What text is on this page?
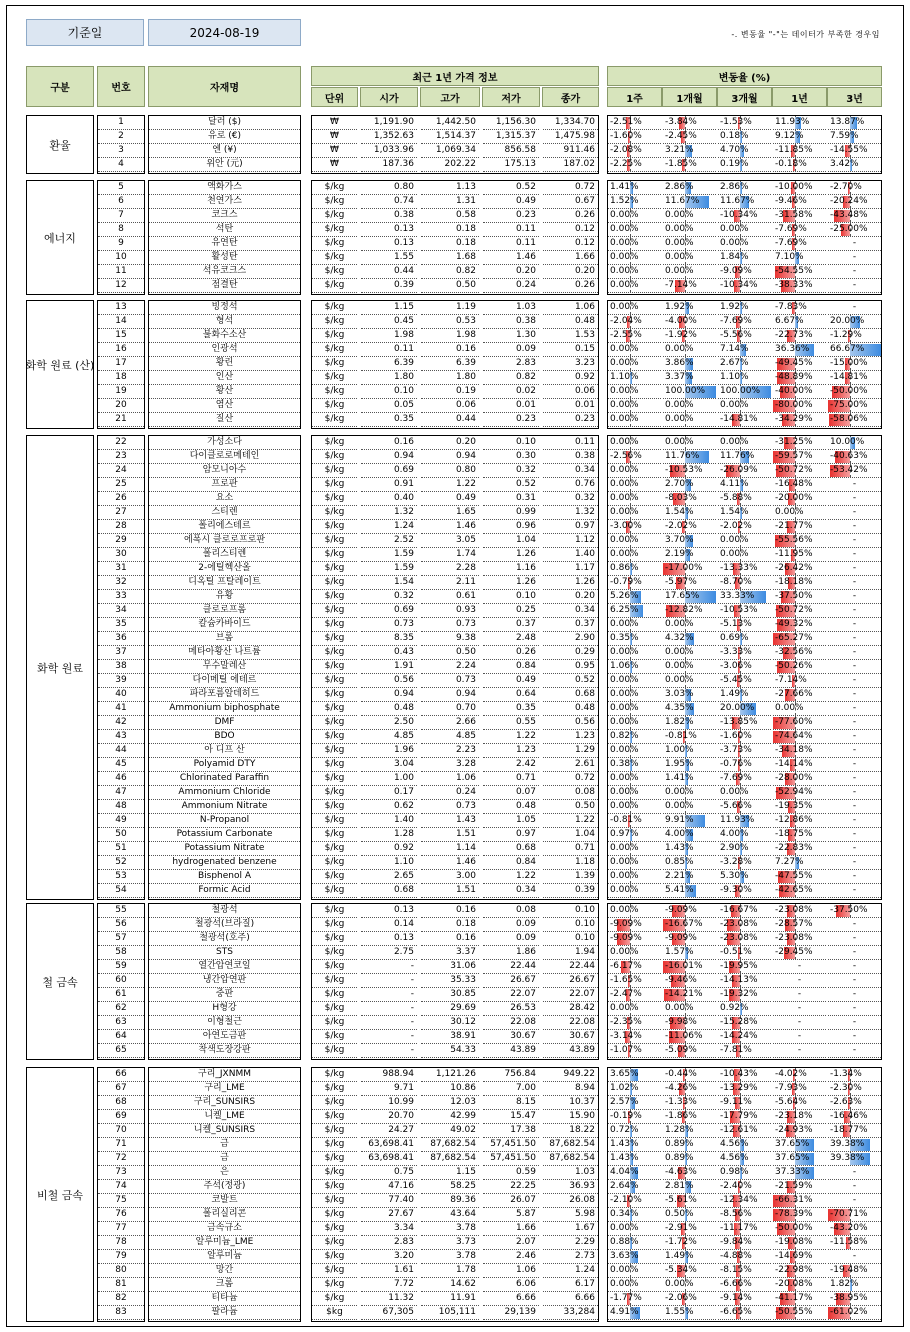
기준일	2024-08-19	-. 변동율 "-"는 데이터가 부족한 경우임
구분	번호	자재명
최근 1년 가격 정보
단위	시가	고가	저가	종가
변동율 (%)
1주	1개월	3개월	1년	3년
환율
1	달러 ($)	₩	1,191.90	1,442.50	1,156.30	1,334.70	-2.51%	-3.84%	-1.53%	11.93%	13.87%
2	유로 (€)	₩	1,352.63	1,514.37	1,315.37	1,475.98	-1.60%	-2.45%	0.18%	9.12%	7.59%
3	엔 (¥)	₩	1,033.96	1,069.34	856.58	911.46	-2.08%	3.21%	4.70%	-11.85%	-14.55%
4	위안 (元)	₩	187.36	202.22	175.13	187.02	-2.25%	-1.85%	0.19%	-0.18%	3.42%
에너지
5	액화가스	$/kg	0.80	1.13	0.52	0.72	1.41%	2.86%	2.86%	-10.00%	-2.70%
6	천연가스	$/kg	0.74	1.31	0.49	0.67	1.52%	11.67%	11.67%	-9.46%	-20.24%
7	코크스	$/kg	0.38	0.58	0.23	0.26	0.00%	0.00%	-10.34%	-31.58%	-43.48%
8	석탄	$/kg	0.13	0.18	0.11	0.12	0.00%	0.00%	0.00%	-7.69%	-25.00%
9	유연탄	$/kg	0.13	0.18	0.11	0.12	0.00%	0.00%	0.00%	-7.69%	-
10	활성탄	$/kg	1.55	1.68	1.46	1.66	0.00%	0.00%	1.84%	7.10%	-
11	석유코크스	$/kg	0.44	0.82	0.20	0.20	0.00%	0.00%	-9.09%	-54.55%	-
12	점결탄	$/kg	0.39	0.50	0.24	0.26	0.00%	-7.14%	-10.34%	-38.33%	-
화학 원료 (산)
13	빙정석	$/kg	1.15	1.19	1.03	1.06	0.00%	1.92%	1.92%	-7.83%	-
14	형석	$/kg	0.45	0.53	0.38	0.48	-2.04%	-4.00%	-7.69%	6.67%	20.00%
15	불화수소산	$/kg	1.98	1.98	1.30	1.53	-2.55%	-1.92%	-5.56%	-22.73%	-1.29%
16	인광석	$/kg	0.11	0.16	0.09	0.15	0.00%	0.00%	7.14%	36.36%	66.67%
17	황린	$/kg	6.39	6.39	2.83	3.23	0.00%	3.86%	2.67%	-49.45%	-15.00%
18	인산	$/kg	1.80	1.80	0.82	0.92	1.10%	3.37%	1.10%	-48.89%	-14.81%
19	황산	$/kg	0.10	0.19	0.02	0.06	0.00%	100.00%	100.00%	-40.00%	-50.00%
20	염산	$/kg	0.05	0.06	0.01	0.01	0.00%	0.00%	0.00%	-80.00%	-75.00%
21	질산	$/kg	0.35	0.44	0.23	0.23	0.00%	0.00%	-14.81%	-34.29%	-58.06%
화학 원료
22	가성소다	$/kg	0.16	0.20	0.10	0.11	0.00%	0.00%	0.00%	-31.25%	10.00%
23	다이클로로메테인	$/kg	0.94	0.94	0.30	0.38	-2.56%	11.76%	11.76%	-59.57%	-40.63%
24	암모니아수	$/kg	0.69	0.80	0.32	0.34	0.00%	-10.53%	-26.09%	-50.72%	-53.42%
25	프로판	$/kg	0.91	1.22	0.52	0.76	0.00%	2.70%	4.11%	-16.48%	-
26	요소	$/kg	0.40	0.49	0.31	0.32	0.00%	-8.03%	-5.88%	-20.00%	-
27	스티렌	$/kg	1.32	1.65	0.99	1.32	0.00%	1.54%	1.54%	0.00%	-
28	폴리에스테르	$/kg	1.24	1.46	0.96	0.97	-3.00%	-2.02%	-2.02%	-21.77%	-
29	에폭시 클로로프로판	$/kg	2.52	3.05	1.04	1.12	0.00%	3.70%	0.00%	-55.56%	-
30	폴리스티렌	$/kg	1.59	1.74	1.26	1.40	0.00%	2.19%	0.00%	-11.95%	-
31	2-에틸헥산올	$/kg	1.59	2.28	1.16	1.17	0.86%	-17.00%	-13.33%	-26.42%	-
32	디옥틸 프탈레이트	$/kg	1.54	2.11	1.26	1.26	-0.79%	-5.97%	-8.70%	-18.18%	-
33	유황	$/kg	0.32	0.61	0.10	0.20	5.26%	17.65%	33.33%	-37.50%	-
34	클로로프롬	$/kg	0.69	0.93	0.25	0.34	6.25%	-12.82%	-10.53%	-50.72%	-
35	칼슘카바이드	$/kg	0.73	0.73	0.37	0.37	0.00%	0.00%	-5.13%	-49.32%	-
36	브롬	$/kg	8.35	9.38	2.48	2.90	0.35%	4.32%	0.69%	-65.27%	-
37	메타아황산 나트륨	$/kg	0.43	0.50	0.26	0.29	0.00%	0.00%	-3.33%	-32.56%	-
38	무수말레산	$/kg	1.91	2.24	0.84	0.95	1.06%	0.00%	-3.06%	-50.26%	-
39	다이메틸 에테르	$/kg	0.56	0.73	0.49	0.52	0.00%	0.00%	-5.45%	-7.14%	-
40	파라포름알데히드	$/kg	0.94	0.94	0.64	0.68	0.00%	3.03%	1.49%	-27.66%	-
41	Ammonium biphosphate	$/kg	0.48	0.70	0.35	0.48	0.00%	4.35%	20.00%	0.00%	-
42	DMF	$/kg	2.50	2.66	0.55	0.56	0.00%	1.82%	-13.85%	-77.60%	-
43	BDO	$/kg	4.85	4.85	1.22	1.23	0.82%	-0.81%	-1.60%	-74.64%	-
44	아 디프 산	$/kg	1.96	2.23	1.23	1.29	0.00%	1.00%	-3.73%	-34.18%	-
45	Polyamid DTY	$/kg	3.04	3.28	2.42	2.61	0.38%	1.95%	-0.76%	-14.14%	-
46	Chlorinated Paraffin	$/kg	1.00	1.06	0.71	0.72	0.00%	1.41%	-7.69%	-28.00%	-
47	Ammonium Chloride	$/kg	0.17	0.24	0.07	0.08	0.00%	0.00%	0.00%	-52.94%	-
48	Ammonium Nitrate	$/kg	0.62	0.73	0.48	0.50	0.00%	0.00%	-5.66%	-19.35%	-
49	N-Propanol	$/kg	1.40	1.43	1.05	1.22	-0.81%	9.91%	11.93%	-12.86%	-
50	Potassium Carbonate	$/kg	1.28	1.51	0.97	1.04	0.97%	4.00%	4.00%	-18.75%	-
51	Potassium Nitrate	$/kg	0.92	1.14	0.68	0.71	0.00%	1.43%	2.90%	-22.83%	-
52	hydrogenated benzene	$/kg	1.10	1.46	0.84	1.18	0.00%	0.85%	-3.28%	7.27%	-
53	Bisphenol A	$/kg	2.65	3.00	1.22	1.39	0.00%	2.21%	5.30%	-47.55%	-
54	Formic Acid	$/kg	0.68	1.51	0.34	0.39	0.00%	5.41%	-9.30%	-42.65%	-
철 금속
55	철광석	$/kg	0.13	0.16	0.08	0.10	0.00%	-9.09%	-16.67%	-23.08%	-37.50%
56	철광석(브라질)	$/kg	0.14	0.18	0.09	0.10	-9.09%	-16.67%	-23.08%	-28.57%	-
57	철광석(호주)	$/kg	0.13	0.16	0.09	0.10	-9.09%	-9.09%	-23.08%	-23.08%	-
58	STS	$/kg	2.75	3.37	1.86	1.94	0.00%	1.57%	-0.51%	-29.45%	-
59	열간압연코일	$/kg	-	31.06	22.44	22.44	-6.17%	-16.01%	-19.95%	-	-
60	냉간압연판	$/kg	-	35.33	26.67	26.67	-1.65%	-9.46%	-14.13%	-	-
61	중판	$/kg	-	30.85	22.07	22.07	-2.47%	-14.21%	-19.32%	-	-
62	H형강	$/kg	-	29.69	26.53	28.42	0.00%	0.00%	0.92%	-	-
63	이형철근	$/kg	-	30.12	22.08	22.08	-2.35%	-9.98%	-15.28%	-	-
64	아연도금판	$/kg	-	38.91	30.67	30.67	-3.14%	-11.06%	-14.24%	-	-
65	착색도장강판	$/kg	-	54.33	43.89	43.89	-1.07%	-5.09%	-7.81%	-	-
비철 금속
66	구리_JXNMM	$/kg	988.94	1,121.26	756.84	949.22	3.65%	-0.44%	-10.43%	-4.02%	-1.34%
67	구리_LME	$/kg	9.71	10.86	7.00	8.94	1.02%	-4.26%	-13.29%	-7.93%	-2.30%
68	구리_SUNSIRS	$/kg	10.99	12.03	8.15	10.37	2.57%	-1.33%	-9.11%	-5.64%	-2.63%
69	니켈_LME	$/kg	20.70	42.99	15.47	15.90	-0.19%	-1.86%	-17.79%	-23.18%	-16.46%
70	니켈_SUNSIRS	$/kg	24.27	49.02	17.38	18.22	0.72%	1.28%	-12.61%	-24.93%	-18.77%
71	금	$/kg	63,698.41	87,682.54	57,451.50	87,682.54	1.43%	0.89%	4.56%	37.65%	39.38%
72	금	$/kg	63,698.41	87,682.54	57,451.50	87,682.54	1.43%	0.89%	4.56%	37.65%	39.38%
73	은	$/kg	0.75	1.15	0.59	1.03	4.04%	-4.63%	0.98%	37.33%	-
74	주석(정광)	$/kg	47.16	58.25	22.25	36.93	2.64%	2.81%	-2.40%	-21.59%	-
75	코발트	$/kg	77.40	89.36	26.07	26.08	-2.10%	-5.61%	-12.34%	-66.31%	-
76	폴리실리콘	$/kg	27.67	43.64	5.87	5.98	0.34%	0.50%	-8.56%	-78.39%	-70.71%
77	금속규소	$/kg	3.34	3.78	1.66	1.67	0.00%	-2.91%	-11.17%	-50.00%	-43.20%
78	알루미늄_LME	$/kg	2.83	3.73	2.07	2.29	0.88%	-1.72%	-9.84%	-19.08%	-11.58%
79	알루미늄	$/kg	3.20	3.78	2.46	2.73	3.63%	1.49%	-4.88%	-14.69%	-
80	망간	$/kg	1.61	1.78	1.06	1.24	0.00%	-5.34%	-8.15%	-22.98%	-19.48%
81	크롬	$/kg	7.72	14.62	6.06	6.17	0.00%	0.00%	-6.66%	-20.08%	1.82%
82	티타늄	$/kg	11.32	11.91	6.66	6.66	-1.77%	-2.06%	-9.14%	-41.17%	-38.95%
83	팔라듐	$kg	67,305	105,111	29,139	33,284	4.91%	1.55%	-6.65%	-50.55%	-61.02%
